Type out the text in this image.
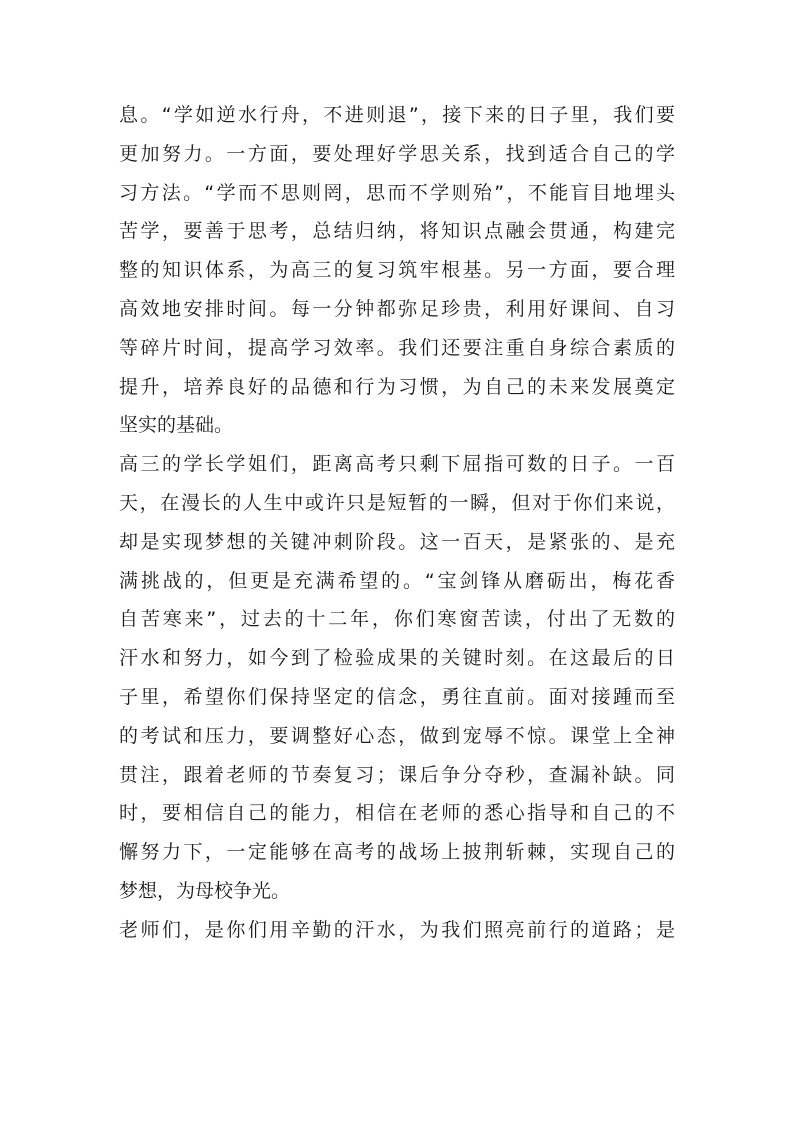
息。“学如逆水行舟，不进则退”，接下来的日子里，我们要
更加努力。一方面，要处理好学思关系，找到适合自己的学
习方法。“学而不思则罔，思而不学则殆”，不能盲目地埋头
苦学，要善于思考，总结归纳，将知识点融会贯通，构建完
整的知识体系，为高三的复习筑牢根基。另一方面，要合理
高效地安排时间。每一分钟都弥足珍贵，利用好课间、自习
等碎片时间，提高学习效率。我们还要注重自身综合素质的
提升，培养良好的品德和行为习惯，为自己的未来发展奠定
坚实的基础。
高三的学长学姐们，距离高考只剩下屈指可数的日子。一百
天，在漫长的人生中或许只是短暂的一瞬，但对于你们来说，
却是实现梦想的关键冲刺阶段。这一百天，是紧张的、是充
满挑战的，但更是充满希望的。“宝剑锋从磨砺出，梅花香
自苦寒来”，过去的十二年，你们寒窗苦读，付出了无数的
汗水和努力，如今到了检验成果的关键时刻。在这最后的日
子里，希望你们保持坚定的信念，勇往直前。面对接踵而至
的考试和压力，要调整好心态，做到宠辱不惊。课堂上全神
贯注，跟着老师的节奏复习；课后争分夺秒，查漏补缺。同
时，要相信自己的能力，相信在老师的悉心指导和自己的不
懈努力下，一定能够在高考的战场上披荆斩棘，实现自己的
梦想，为母校争光。
老师们，是你们用辛勤的汗水，为我们照亮前行的道路；是
